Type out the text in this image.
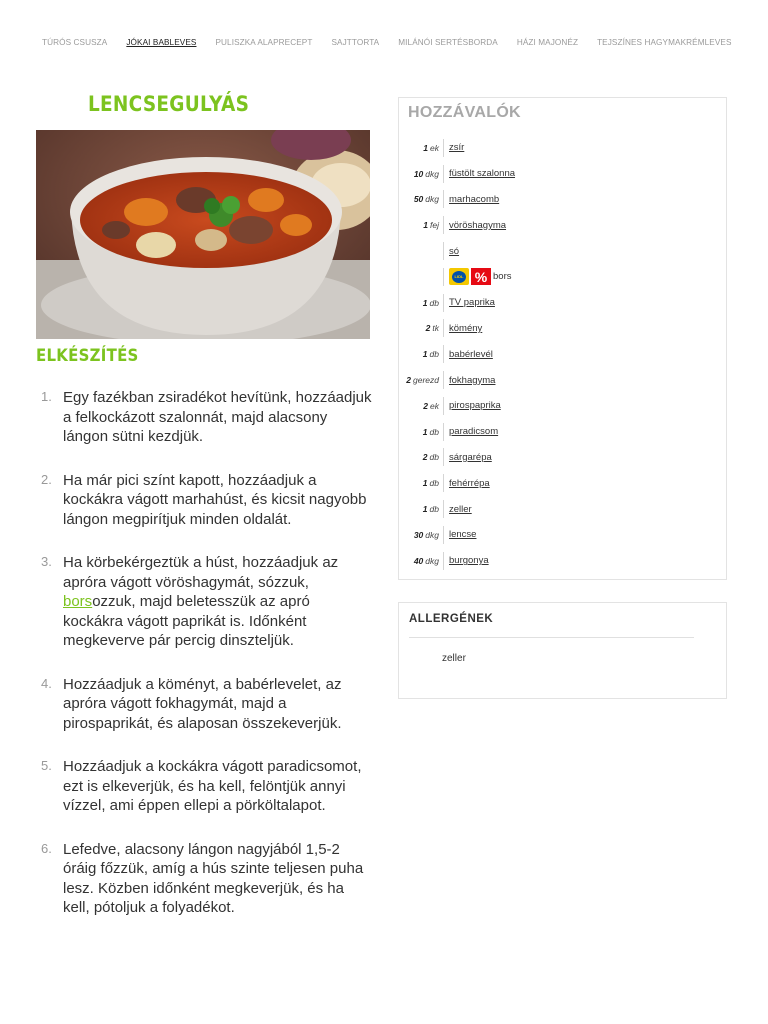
TÚRÓS CSUSZA JÓKAI BABLEVES PULISZKA ALAPRECEPT SAJTTORTA MILÁNÓI SERTÉSBORDA HÁZI MAJONÉZ TEJSZÍNES HAGYMAKRÉMLEVES
LENCSEGULYÁS
ELKÉSZÍTÉS
1. Egy fazékban zsiradékot hevítünk, hozzáadjuk a felkockázott szalonnát, majd alacsony lángon sütni kezdjük.
2. Ha már pici színt kapott, hozzáadjuk a kockákra vágott marhahúst, és kicsit nagyobb lángon megpirítjuk minden oldalát.
3. Ha körbekérgeztük a húst, hozzáadjuk az apróra vágott vöröshagymát, sózzuk, borsozzuk, majd beletesszük az apró kockákra vágott paprikát is. Időnként megkeverve pár percig dinszteljük.
4. Hozzáadjuk a köményt, a babérlevelet, az apróra vágott fokhagymát, majd a pirospaprikát, és alaposan összekeverjük.
5. Hozzáadjuk a kockákra vágott paradicsomot, ezt is elkeverjük, és ha kell, felöntjük annyi vízzel, ami éppen ellepi a pörköltalapot.
6. Lefedve, alacsony lángon nagyjából 1,5-2 óráig főzzük, amíg a hús szinte teljesen puha lesz. Közben időnként megkeverjük, és ha kell, pótoljuk a folyadékot.
HOZZÁVALÓK
1 ek zsír
10 dkg füstölt szalonna
50 dkg marhacomb
1 fej vöröshagyma
só
LIDL % bors
1 db TV paprika
2 tk kömény
1 db babérlevél
2 gerezd fokhagyma
2 ek pirospaprika
1 db paradicsom
2 db sárgarépa
1 db fehérrépa
1 db zeller
30 dkg lencse
40 dkg burgonya
ALLERGÉNEK
zeller
